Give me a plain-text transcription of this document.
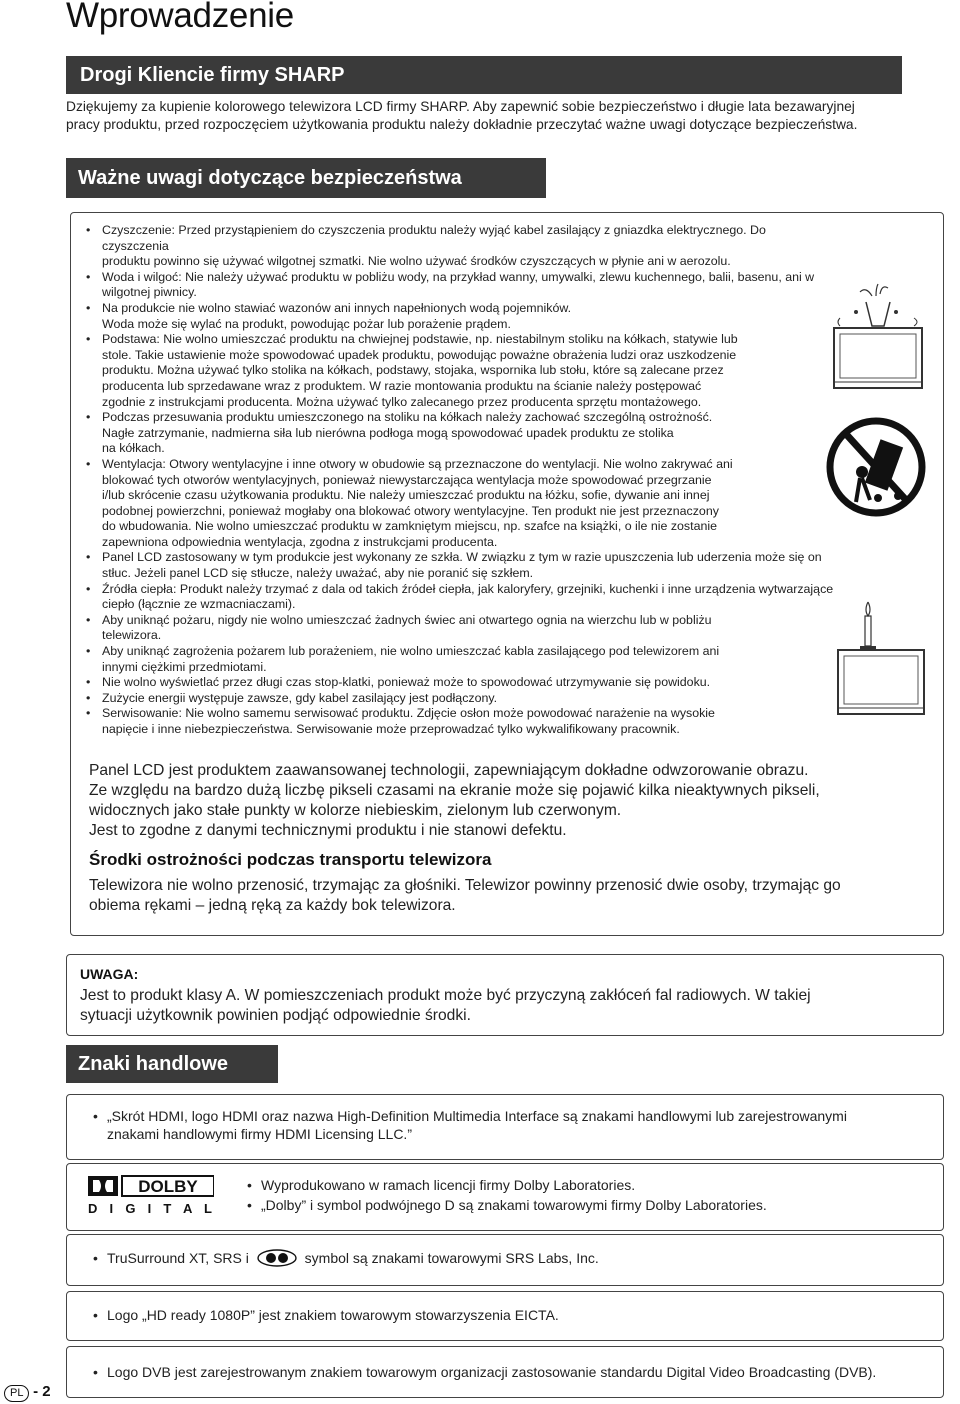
Wprowadzenie
Drogi Kliencie firmy SHARP
Dziękujemy za kupienie kolorowego telewizora LCD firmy SHARP. Aby zapewnić sobie bezpieczeństwo i długie lata bezawaryjnej
pracy produktu, przed rozpoczęciem użytkowania produktu należy dokładnie przeczytać ważne uwagi dotyczące bezpieczeństwa.
Ważne uwagi dotyczące bezpieczeństwa
• Czyszczenie: Przed przystąpieniem do czyszczenia produktu należy wyjąć kabel zasilający z gniazdka elektrycznego. Do czyszczenia
produktu powinno się używać wilgotnej szmatki. Nie wolno używać środków czyszczących w płynie ani w aerozolu.
• Woda i wilgoć: Nie należy używać produktu w pobliżu wody, na przykład wanny, umywalki, zlewu kuchennego, balii, basenu, ani w
wilgotnej piwnicy.
• Na produkcie nie wolno stawiać wazonów ani innych napełnionych wodą pojemników.
Woda może się wylać na produkt, powodując pożar lub porażenie prądem.
• Podstawa: Nie wolno umieszczać produktu na chwiejnej podstawie, np. niestabilnym stoliku na kółkach, statywie lub
stole. Takie ustawienie może spowodować upadek produktu, powodując poważne obrażenia ludzi oraz uszkodzenie
produktu. Można używać tylko stolika na kółkach, podstawy, stojaka, wspornika lub stołu, które są zalecane przez
producenta lub sprzedawane wraz z produktem. W razie montowania produktu na ścianie należy postępować
zgodnie z instrukcjami producenta. Można używać tylko zalecanego przez producenta sprzętu montażowego.
• Podczas przesuwania produktu umieszczonego na stoliku na kółkach należy zachować szczególną ostrożność.
Nagłe zatrzymanie, nadmierna siła lub nierówna podłoga mogą spowodować upadek produktu ze stolika
na kółkach.
• Wentylacja: Otwory wentylacyjne i inne otwory w obudowie są przeznaczone do wentylacji. Nie wolno zakrywać ani
blokować tych otworów wentylacyjnych, ponieważ niewystarczająca wentylacja może spowodować przegrzanie
i/lub skrócenie czasu użytkowania produktu. Nie należy umieszczać produktu na łóżku, sofie, dywanie ani innej
podobnej powierzchni, ponieważ mogłaby ona blokować otwory wentylacyjne. Ten produkt nie jest przeznaczony
do wbudowania. Nie wolno umieszczać produktu w zamkniętym miejscu, np. szafce na książki, o ile nie zostanie
zapewniona odpowiednia wentylacja, zgodna z instrukcjami producenta.
• Panel LCD zastosowany w tym produkcie jest wykonany ze szkła. W związku z tym w razie upuszczenia lub uderzenia może się on
stłuc. Jeżeli panel LCD się stłucze, należy uważać, aby nie poranić się szkłem.
• Źródła ciepła: Produkt należy trzymać z dala od takich źródeł ciepła, jak kaloryfery, grzejniki, kuchenki i inne urządzenia wytwarzające
ciepło (łącznie ze wzmacniaczami).
• Aby uniknąć pożaru, nigdy nie wolno umieszczać żadnych świec ani otwartego ognia na wierzchu lub w pobliżu
telewizora.
• Aby uniknąć zagrożenia pożarem lub porażeniem, nie wolno umieszczać kabla zasilającego pod telewizorem ani
innymi ciężkimi przedmiotami.
• Nie wolno wyświetlać przez długi czas stop-klatki, ponieważ może to spowodować utrzymywanie się powidoku.
• Zużycie energii występuje zawsze, gdy kabel zasilający jest podłączony.
• Serwisowanie: Nie wolno samemu serwisować produktu. Zdjęcie osłon może powodować narażenie na wysokie
napięcie i inne niebezpieczeństwa. Serwisowanie może przeprowadzać tylko wykwalifikowany pracownik.
Panel LCD jest produktem zaawansowanej technologii, zapewniającym dokładne odwzorowanie obrazu.
Ze względu na bardzo dużą liczbę pikseli czasami na ekranie może się pojawić kilka nieaktywnych pikseli,
widocznych jako stałe punkty w kolorze niebieskim, zielonym lub czerwonym.
Jest to zgodne z danymi technicznymi produktu i nie stanowi defektu.
Środki ostrożności podczas transportu telewizora
Telewizora nie wolno przenosić, trzymając za głośniki. Telewizor powinny przenosić dwie osoby, trzymając go
obiema rękami – jedną ręką za każdy bok telewizora.
UWAGA:
Jest to produkt klasy A. W pomieszczeniach produkt może być przyczyną zakłóceń fal radiowych. W takiej
sytuacji użytkownik powinien podjąć odpowiednie środki.
Znaki handlowe
• „Skrót HDMI, logo HDMI oraz nazwa High-Definition Multimedia Interface są znakami handlowymi lub zarejestrowanymi
znakami handlowymi firmy HDMI Licensing LLC.”
• Wyprodukowano w ramach licencji firmy Dolby Laboratories.
• „Dolby” i symbol podwójnego D są znakami towarowymi firmy Dolby Laboratories.
DOLBY
D I G I T A L
• TruSurround XT, SRS i	symbol są znakami towarowymi SRS Labs, Inc.
• Logo „HD ready 1080P” jest znakiem towarowym stowarzyszenia EICTA.
• Logo DVB jest zarejestrowanym znakiem towarowym organizacji zastosowanie standardu Digital Video Broadcasting (DVB).
PL - 2
